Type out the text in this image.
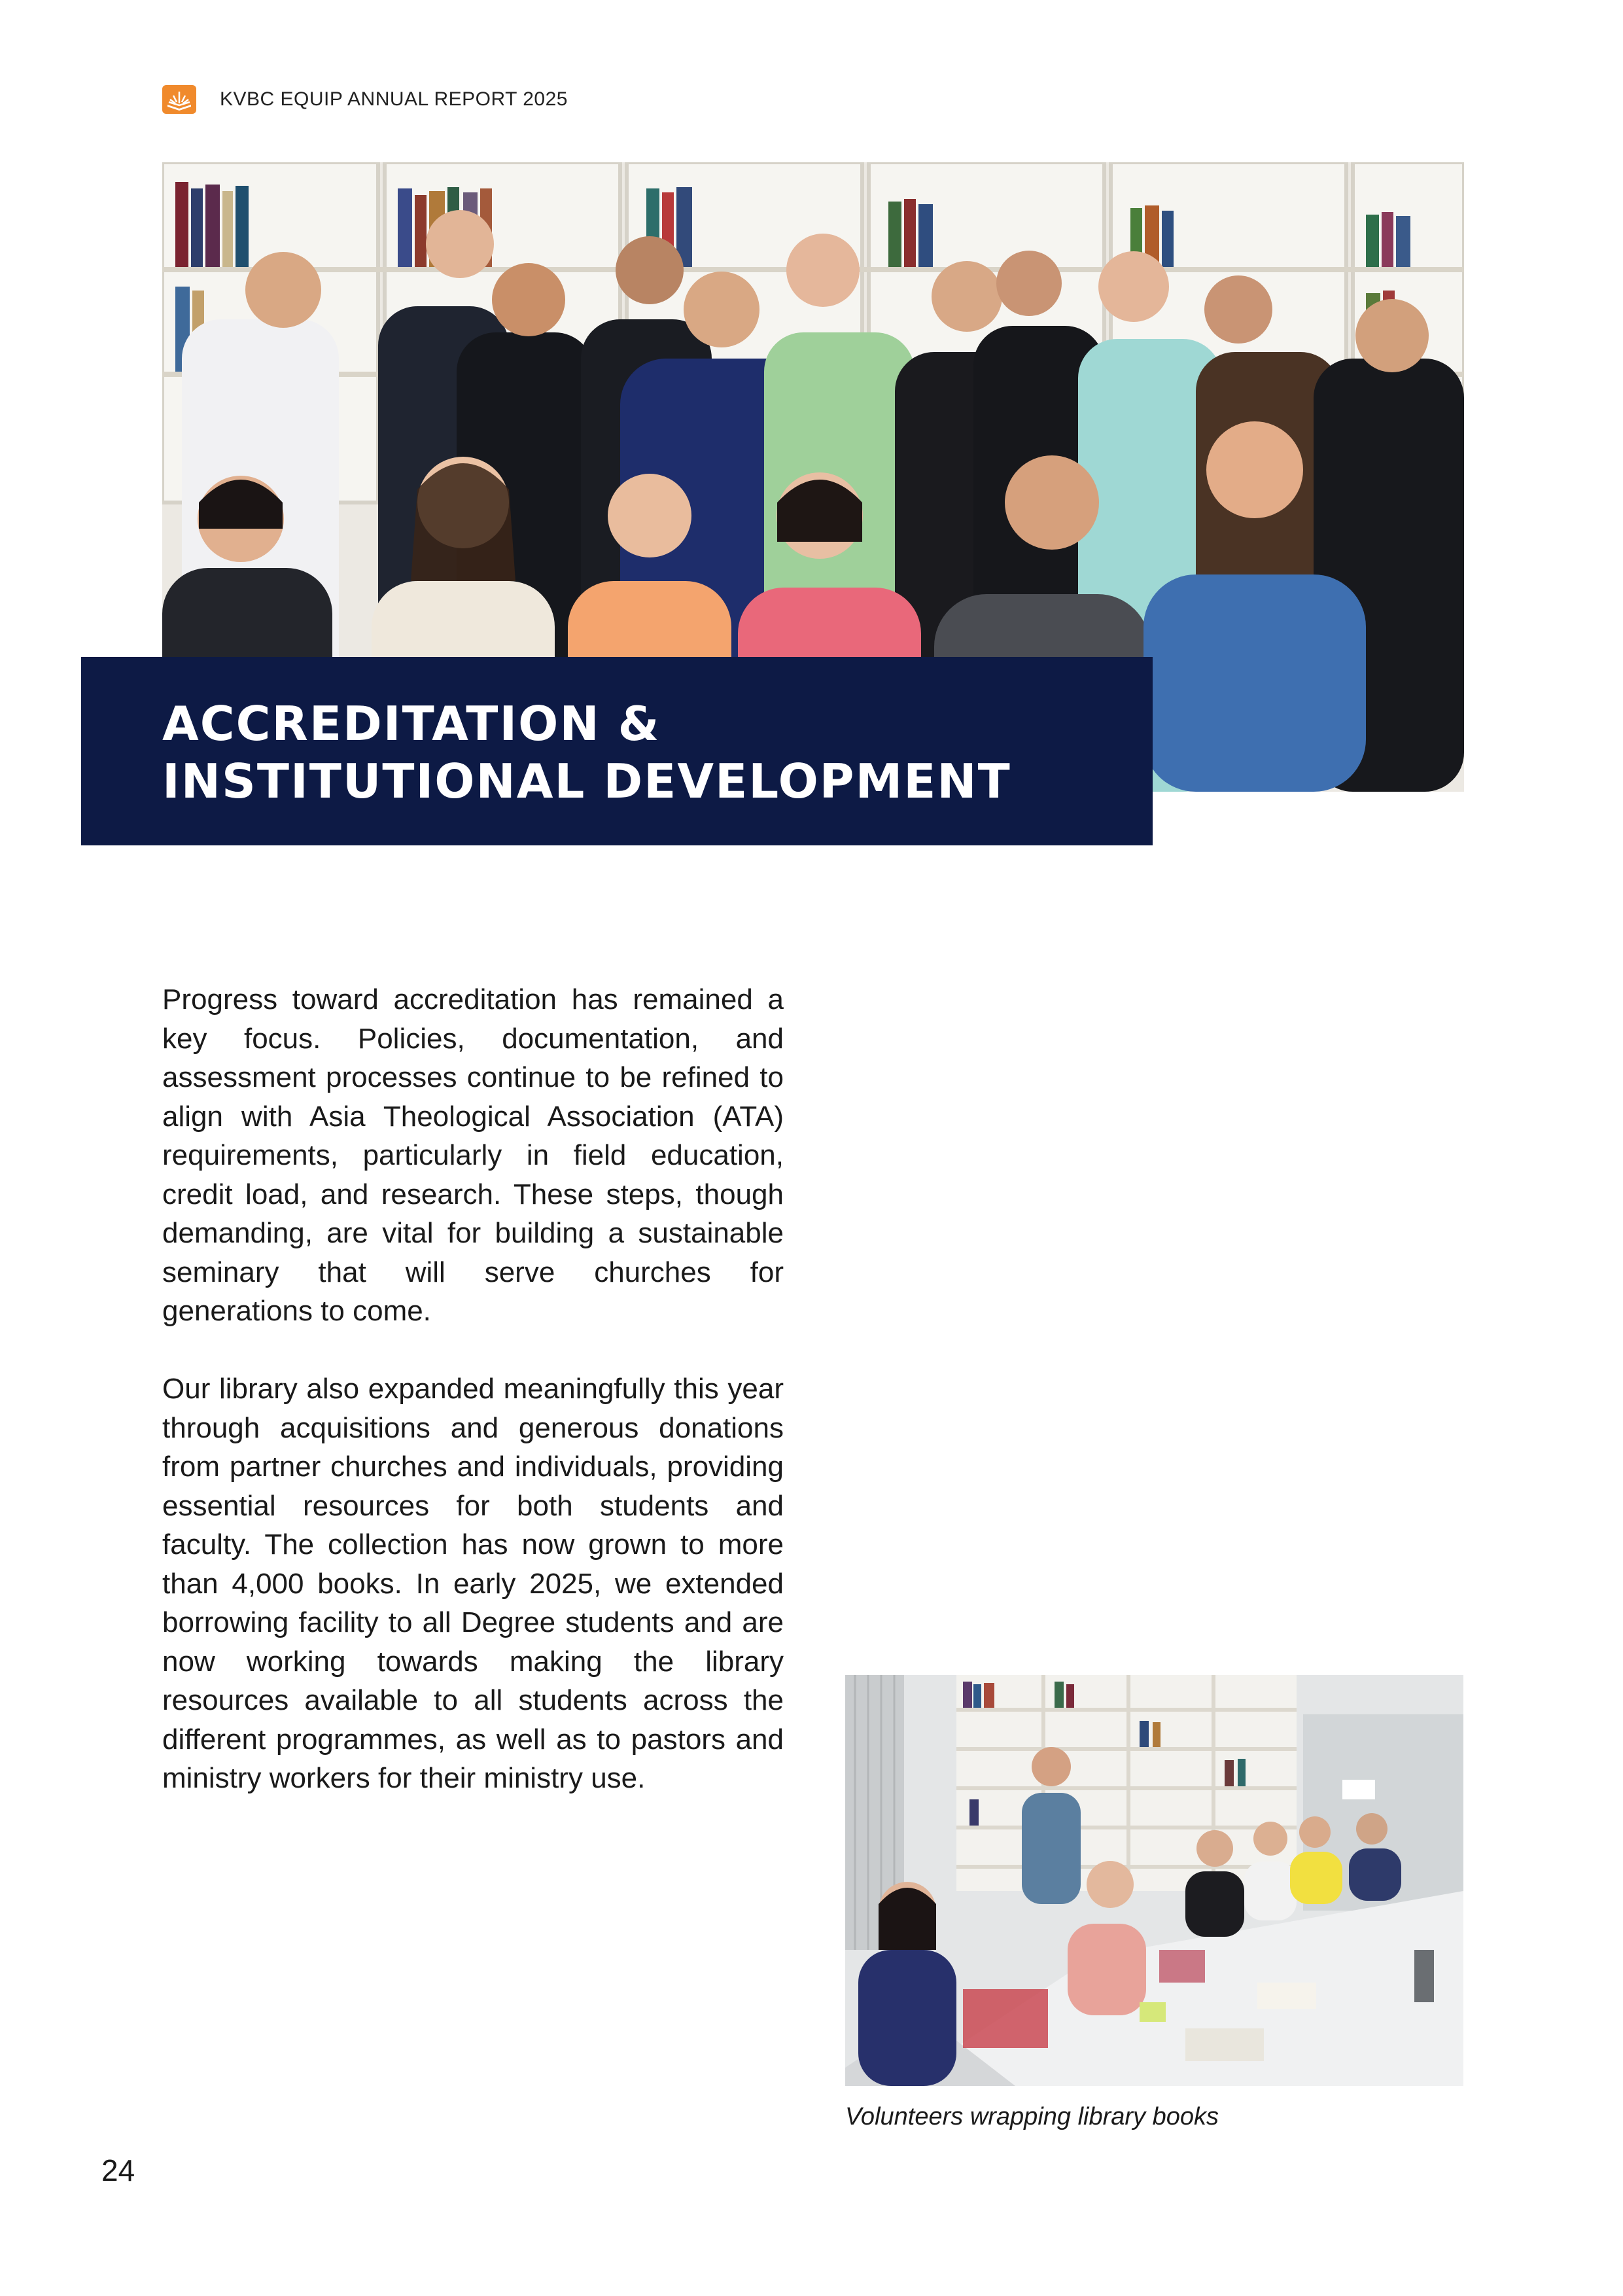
KVBC EQUIP ANNUAL REPORT 2025
ACCREDITATION &
INSTITUTIONAL DEVELOPMENT

Progress toward accreditation has remained a key focus. Policies, documentation, and assessment processes continue to be refined to align with Asia Theological Association (ATA) requirements, particularly in field education, credit load, and research. These steps, though demanding, are vital for building a sustainable seminary that will serve churches for generations to come.

Our library also expanded meaningfully this year through acquisitions and generous donations from partner churches and individuals, providing essential resources for both students and faculty. The collection has now grown to more than 4,000 books. In early 2025, we extended borrowing facility to all Degree students and are now working towards making the library resources available to all students across the different programmes, as well as to pastors and ministry workers for their ministry use.

Volunteers wrapping library books
24
